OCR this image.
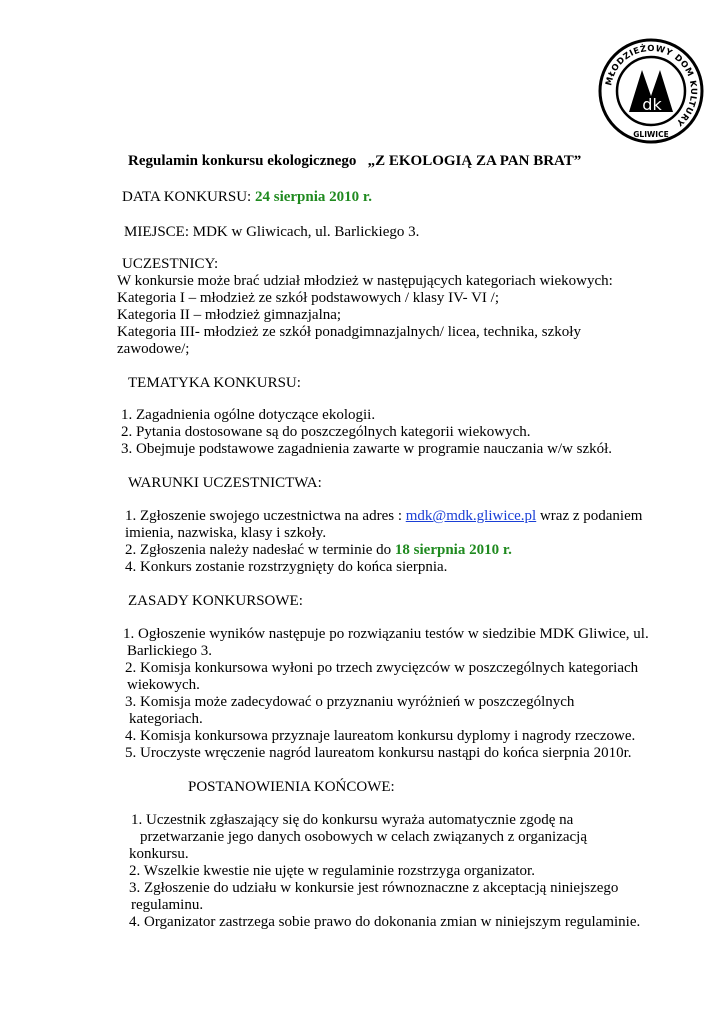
MŁODZIEŻOWY DOM KULTURY
GLIWICE
dk
Regulamin konkursu ekologicznego „Z EKOLOGIĄ ZA PAN BRAT”
DATA KONKURSU: 24 sierpnia 2010 r.
MIEJSCE: MDK w Gliwicach, ul. Barlickiego 3.
UCZESTNICY:
W konkursie może brać udział młodzież w następujących kategoriach wiekowych:
Kategoria I – młodzież ze szkół podstawowych / klasy IV- VI /;
Kategoria II – młodzież gimnazjalna;
Kategoria III- młodzież ze szkół ponadgimnazjalnych/ licea, technika, szkoły
zawodowe/;
TEMATYKA KONKURSU:
1. Zagadnienia ogólne dotyczące ekologii.
2. Pytania dostosowane są do poszczególnych kategorii wiekowych.
3. Obejmuje podstawowe zagadnienia zawarte w programie nauczania w/w szkół.
WARUNKI UCZESTNICTWA:
1. Zgłoszenie swojego uczestnictwa na adres : mdk@mdk.gliwice.pl wraz z podaniem
imienia, nazwiska, klasy i szkoły.
2. Zgłoszenia należy nadesłać w terminie do 18 sierpnia 2010 r.
4. Konkurs zostanie rozstrzygnięty do końca sierpnia.
ZASADY KONKURSOWE:
1. Ogłoszenie wyników następuje po rozwiązaniu testów w siedzibie MDK Gliwice, ul.
Barlickiego 3.
2. Komisja konkursowa wyłoni po trzech zwycięzców w poszczególnych kategoriach
wiekowych.
3. Komisja może zadecydować o przyznaniu wyróżnień w poszczególnych
kategoriach.
4. Komisja konkursowa przyznaje laureatom konkursu dyplomy i nagrody rzeczowe.
5. Uroczyste wręczenie nagród laureatom konkursu nastąpi do końca sierpnia 2010r.
POSTANOWIENIA KOŃCOWE:
1. Uczestnik zgłaszający się do konkursu wyraża automatycznie zgodę na
przetwarzanie jego danych osobowych w celach związanych z organizacją
konkursu.
2. Wszelkie kwestie nie ujęte w regulaminie rozstrzyga organizator.
3. Zgłoszenie do udziału w konkursie jest równoznaczne z akceptacją niniejszego
regulaminu.
4. Organizator zastrzega sobie prawo do dokonania zmian w niniejszym regulaminie.
